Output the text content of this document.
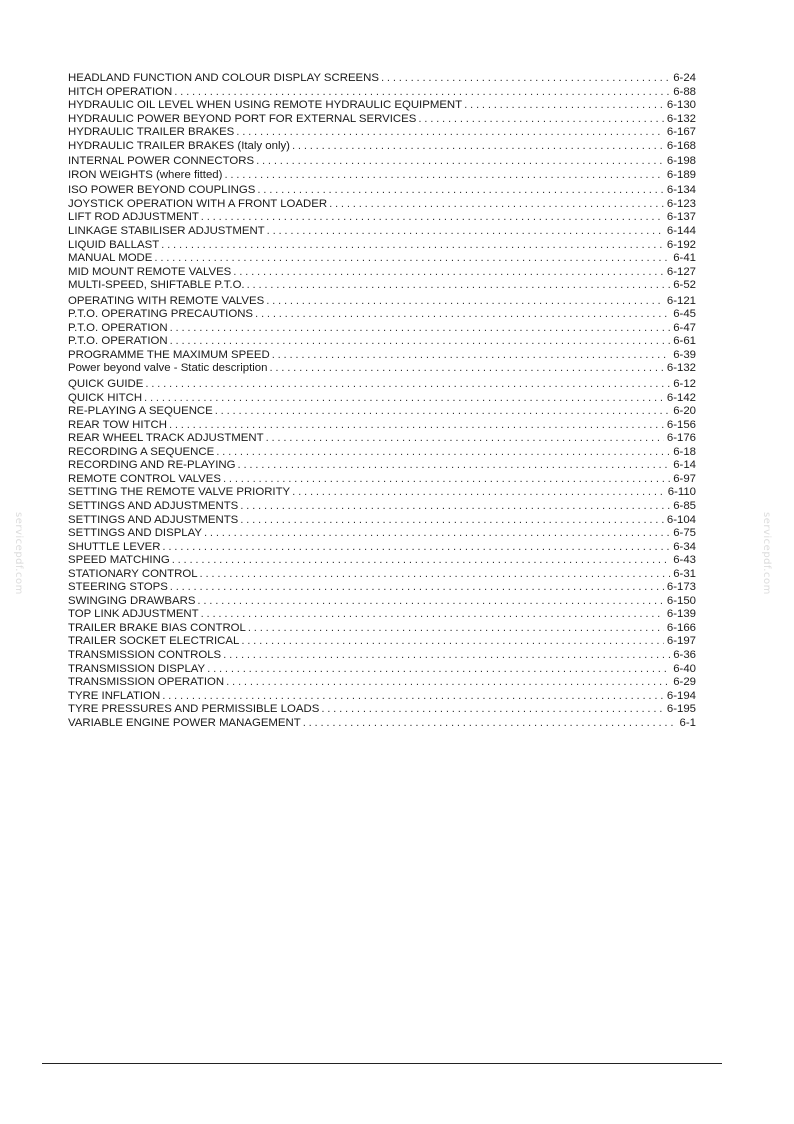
HEADLAND FUNCTION AND COLOUR DISPLAY SCREENS . . .	6-24
HITCH OPERATION . . .	6-88
HYDRAULIC OIL LEVEL WHEN USING REMOTE HYDRAULIC EQUIPMENT . . .	6-130
HYDRAULIC POWER BEYOND PORT FOR EXTERNAL SERVICES . . .	6-132
HYDRAULIC TRAILER BRAKES . . .	6-167
HYDRAULIC TRAILER BRAKES (Italy only) . . .	6-168
INTERNAL POWER CONNECTORS . . .	6-198
IRON WEIGHTS (where fitted) . . .	6-189
ISO POWER BEYOND COUPLINGS . . .	6-134
JOYSTICK OPERATION WITH A FRONT LOADER . . .	6-123
LIFT ROD ADJUSTMENT . . .	6-137
LINKAGE STABILISER ADJUSTMENT . . .	6-144
LIQUID BALLAST . . .	6-192
MANUAL MODE . . .	6-41
MID MOUNT REMOTE VALVES . . .	6-127
MULTI-SPEED, SHIFTABLE P.T.O. . . .	6-52
OPERATING WITH REMOTE VALVES . . .	6-121
P.T.O. OPERATING PRECAUTIONS . . .	6-45
P.T.O. OPERATION . . .	6-47
P.T.O. OPERATION . . .	6-61
PROGRAMME THE MAXIMUM SPEED . . .	6-39
Power beyond valve - Static description . . .	6-132
QUICK GUIDE . . .	6-12
QUICK HITCH . . .	6-142
RE-PLAYING A SEQUENCE . . .	6-20
REAR TOW HITCH . . .	6-156
REAR WHEEL TRACK ADJUSTMENT . . .	6-176
RECORDING A SEQUENCE . . .	6-18
RECORDING AND RE-PLAYING . . .	6-14
REMOTE CONTROL VALVES . . .	6-97
SETTING THE REMOTE VALVE PRIORITY . . .	6-110
SETTINGS AND ADJUSTMENTS . . .	6-85
SETTINGS AND ADJUSTMENTS . . .	6-104
SETTINGS AND DISPLAY . . .	6-75
SHUTTLE LEVER . . .	6-34
SPEED MATCHING . . .	6-43
STATIONARY CONTROL . . .	6-31
STEERING STOPS . . .	6-173
SWINGING DRAWBARS . . .	6-150
TOP LINK ADJUSTMENT . . .	6-139
TRAILER BRAKE BIAS CONTROL . . .	6-166
TRAILER SOCKET ELECTRICAL . . .	6-197
TRANSMISSION CONTROLS . . .	6-36
TRANSMISSION DISPLAY . . .	6-40
TRANSMISSION OPERATION . . .	6-29
TYRE INFLATION . . .	6-194
TYRE PRESSURES AND PERMISSIBLE LOADS . . .	6-195
VARIABLE ENGINE POWER MANAGEMENT . . .	6-1
servicepdf.com	servicepdf.com
